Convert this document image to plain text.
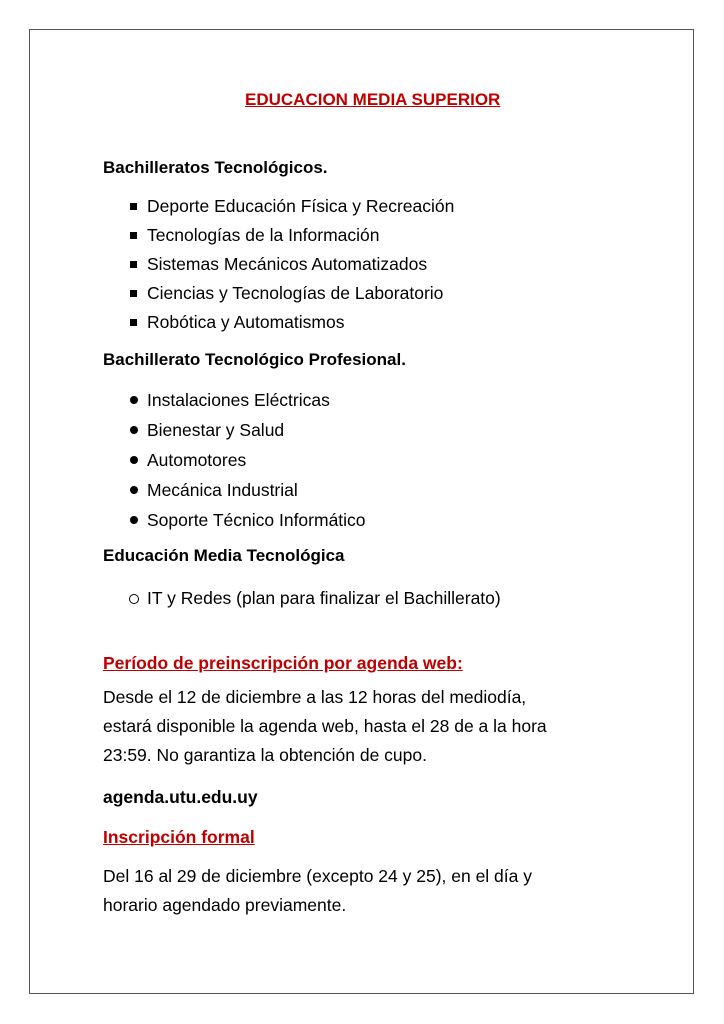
EDUCACION MEDIA SUPERIOR
Bachilleratos Tecnológicos.
Deporte Educación Física y Recreación
Tecnologías de la Información
Sistemas Mecánicos Automatizados
Ciencias y Tecnologías de Laboratorio
Robótica y Automatismos
Bachillerato Tecnológico Profesional.
Instalaciones Eléctricas
Bienestar y Salud
Automotores
Mecánica Industrial
Soporte Técnico Informático
Educación Media Tecnológica
IT y Redes (plan para finalizar el Bachillerato)
Período de preinscripción por agenda web:

Desde el 12 de diciembre a las 12 horas del mediodía,
estará disponible la agenda web, hasta el 28 de a la hora
23:59. No garantiza la obtención de cupo.

agenda.utu.edu.uy
Inscripción formal

Del 16 al 29 de diciembre (excepto 24 y 25), en el día y
horario agendado previamente.
